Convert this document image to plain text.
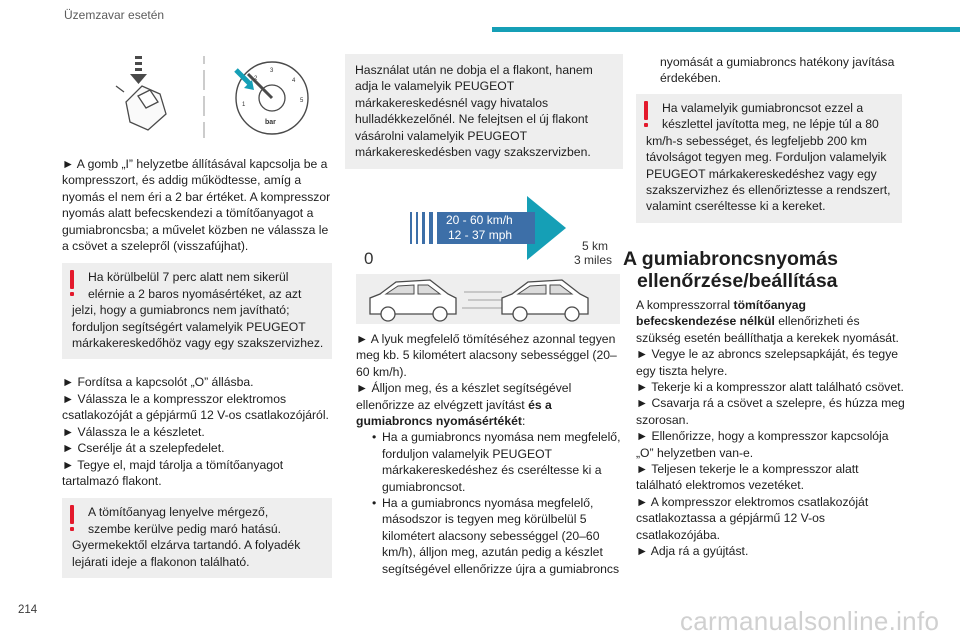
Üzemzavar esetén
1
2
3
4
5
bar

► A gomb „I” helyzetbe állításával kapcsolja be a kompresszort, és addig működtesse, amíg a nyomás el nem éri a 2 bar értéket. A kompresszor nyomás alatt befecskendezi a tömítőanyagot a gumiabroncsba; a művelet közben ne válassza le a csövet a szelepről (visszafújhat).

Ha körülbelül 7 perc alatt nem sikerül
elérnie a 2 baros nyomásértéket, az azt jelzi, hogy a gumiabroncs nem javítható; forduljon segítségért valamelyik PEUGEOT márkakereskedőhöz vagy egy szakszervizhez.

► Fordítsa a kapcsolót „O” állásba.

► Válassza le a kompresszor elektromos csatlakozóját a gépjármű 12 V-os csatlakozójáról.

► Válassza le a készletet.

► Cserélje át a szelepfedelet.

► Tegye el, majd tárolja a tömítőanyagot tartalmazó flakont.

A tömítőanyag lenyelve mérgező,
szembe kerülve pedig maró hatású. Gyermekektől elzárva tartandó. A folyadék lejárati ideje a flakonon található.
Használat után ne dobja el a flakont, hanem adja le valamelyik PEUGEOT márkakereskedésnél vagy hivatalos hulladékkezelőnél. Ne felejtsen el új flakont vásárolni valamelyik PEUGEOT márkakereskedésben vagy szakszervizben.
20 - 60 km/h
12 - 37 mph
0
5 km
3 miles

► A lyuk megfelelő tömítéséhez azonnal tegyen meg kb. 5 kilométert alacsony sebességgel (20–60 km/h).

► Álljon meg, és a készlet segítségével ellenőrizze az elvégzett javítást és a gumiabroncs nyomásértékét:

• Ha a gumiabroncs nyomása nem megfelelő, forduljon valamelyik PEUGEOT márkakereskedéshez és cseréltesse ki a gumiabroncsot.

• Ha a gumiabroncs nyomása megfelelő, másodszor is tegyen meg körülbelül 5 kilométert alacsony sebességgel (20–60 km/h), álljon meg, azután pedig a készlet segítségével ellenőrizze újra a gumiabroncs

nyomását a gumiabroncs hatékony javítása érdekében.

Ha valamelyik gumiabroncsot ezzel a
készlettel javította meg, ne lépje túl a 80 km/h-s sebességet, és legfeljebb 200 km távolságot tegyen meg. Forduljon valamelyik PEUGEOT márkakereskedéshez vagy egy szakszervizhez és ellenőriztesse a rendszert, valamint cseréltesse ki a kereket.
A gumiabroncsnyomás
ellenőrzése/beállítása

A kompresszorral tömítőanyag befecskendezése nélkül ellenőrizheti és szükség esetén beállíthatja a kerekek nyomását.

► Vegye le az abroncs szelepsapkáját, és tegye egy tiszta helyre.

► Tekerje ki a kompresszor alatt található csövet.

► Csavarja rá a csövet a szelepre, és húzza meg szorosan.

► Ellenőrizze, hogy a kompresszor kapcsolója „O” helyzetben van-e.

► Teljesen tekerje le a kompresszor alatt található elektromos vezetéket.

► A kompresszor elektromos csatlakozóját csatlakoztassa a gépjármű 12 V-os csatlakozójába.

► Adja rá a gyújtást.

214	carmanualsonline.info
